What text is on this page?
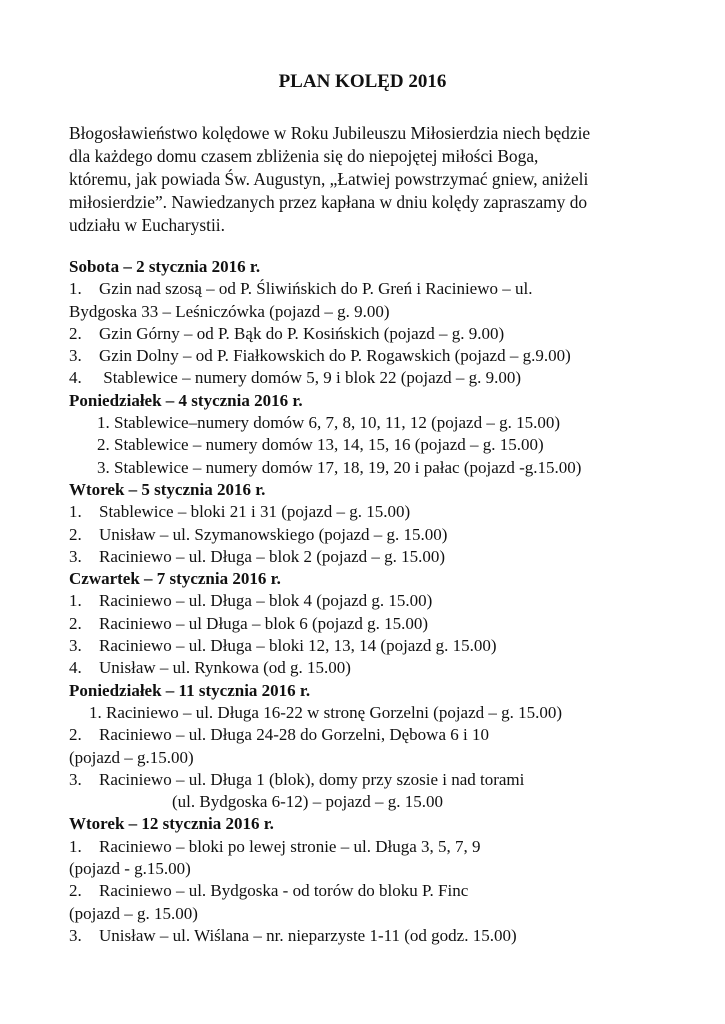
PLAN KOLĘD 2016
Błogosławieństwo kolędowe w Roku Jubileuszu Miłosierdzia niech będzie
dla każdego domu czasem zbliżenia się do niepojętej miłości Boga,
któremu, jak powiada Św. Augustyn, „Łatwiej powstrzymać gniew, aniżeli
miłosierdzie”. Nawiedzanych przez kapłana w dniu kolędy zapraszamy do
udziału w Eucharystii.
Sobota – 2 stycznia 2016 r.
1. Gzin nad szosą – od P. Śliwińskich do P. Greń i Raciniewo – ul.
Bydgoska 33 – Leśniczówka (pojazd – g. 9.00)
2. Gzin Górny – od P. Bąk do P. Kosińskich (pojazd – g. 9.00)
3. Gzin Dolny – od P. Fiałkowskich do P. Rogawskich (pojazd – g.9.00)
4. Stablewice – numery domów 5, 9 i blok 22 (pojazd – g. 9.00)
Poniedziałek – 4 stycznia 2016 r.
1. Stablewice–numery domów 6, 7, 8, 10, 11, 12 (pojazd – g. 15.00)
2. Stablewice – numery domów 13, 14, 15, 16 (pojazd – g. 15.00)
3. Stablewice – numery domów 17, 18, 19, 20 i pałac (pojazd -g.15.00)
Wtorek – 5 stycznia 2016 r.
1. Stablewice – bloki 21 i 31 (pojazd – g. 15.00)
2. Unisław – ul. Szymanowskiego (pojazd – g. 15.00)
3. Raciniewo – ul. Długa – blok 2 (pojazd – g. 15.00)
Czwartek – 7 stycznia 2016 r.
1. Raciniewo – ul. Długa – blok 4 (pojazd g. 15.00)
2. Raciniewo – ul Długa – blok 6 (pojazd g. 15.00)
3. Raciniewo – ul. Długa – bloki 12, 13, 14 (pojazd g. 15.00)
4. Unisław – ul. Rynkowa (od g. 15.00)
Poniedziałek – 11 stycznia 2016 r.
1. Raciniewo – ul. Długa 16-22 w stronę Gorzelni (pojazd – g. 15.00)
2. Raciniewo – ul. Długa 24-28 do Gorzelni, Dębowa 6 i 10
(pojazd – g.15.00)
3. Raciniewo – ul. Długa 1 (blok), domy przy szosie i nad torami
(ul. Bydgoska 6-12) – pojazd – g. 15.00
Wtorek – 12 stycznia 2016 r.
1. Raciniewo – bloki po lewej stronie – ul. Długa 3, 5, 7, 9
(pojazd - g.15.00)
2. Raciniewo – ul. Bydgoska - od torów do bloku P. Finc
(pojazd – g. 15.00)
3. Unisław – ul. Wiślana – nr. nieparzyste 1-11 (od godz. 15.00)
